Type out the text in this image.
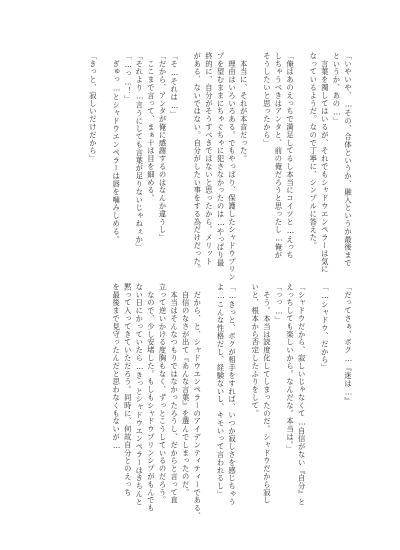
「いやいや、…その、合体というか、融入というか最後まで
というか、あの…」
　言葉を濁してはいるが、それでもシャドウエンペラーは気に
なっているようだ。なので丁寧に、シンプルに答えた。

「俺はあのえっちで満足してるし本当にコイツと…えっち
しちゃうべきはアンタと、前の俺だろうと思ったし…俺が
そうしたいと思ったから」

　本当に、それが本音だった。
　理由はいろいろある。でもやっぱり、保護したシャドウプリン
プを望むままにちゃぐちゃに犯さなかったのは…やっぱり最
終的に、自分がそうすべきではないと思ったから。メリット
がある、ないではない。自分がしたい事をする為だけだった。

「そ…それは…」
「だから、アンタが俺に感謝するのはなんか違うし」
　ここまで言って、まぁ十は目を細める。
「それより…言うにしても言葉が足りないじゃねぇか」
「…っ…！」
　ぎゅっ…とシャドウエンペラーは唇を噛みしめる。

「きっと、寂しいだけだから」
「だってさぁ、ボク…『迷は…』

「…シャドウ、だから」

「シャドウだから、寂しいじゃなくて…自信がない『自分』と
えっちしても楽しいから。なんだな。本当は。」
「っっ…」
　そう。本当は読度化してしまったのだ。シャドウだから寂し
いと、根本から否定したふりをして。

「…きっと、ボクが相手をすれば、いつか寂しさを感じちゃう
よ…こんな性格だし、経験ないし、キモいって言われるし」

　だから、と、シャドウエンペラーのアイデンティティーである、
　自信のなさが出て『あんな言葉』を選んでしまったのだ。
　本当はそんなつもりではなかったろうし、だからと言って直
立って逆いかける度胸もなく、ずっとこうしているのだろう。
　なので、少し安堵した。もしもシャドウプリンシプがもんでも
ない日にかっていたら…きっとシャドウエンペラーはきちんと
黙って入ってきていただろう。同時に、何故自分とのえっち
を最後まで見守ったんだと思わなくもないが…
